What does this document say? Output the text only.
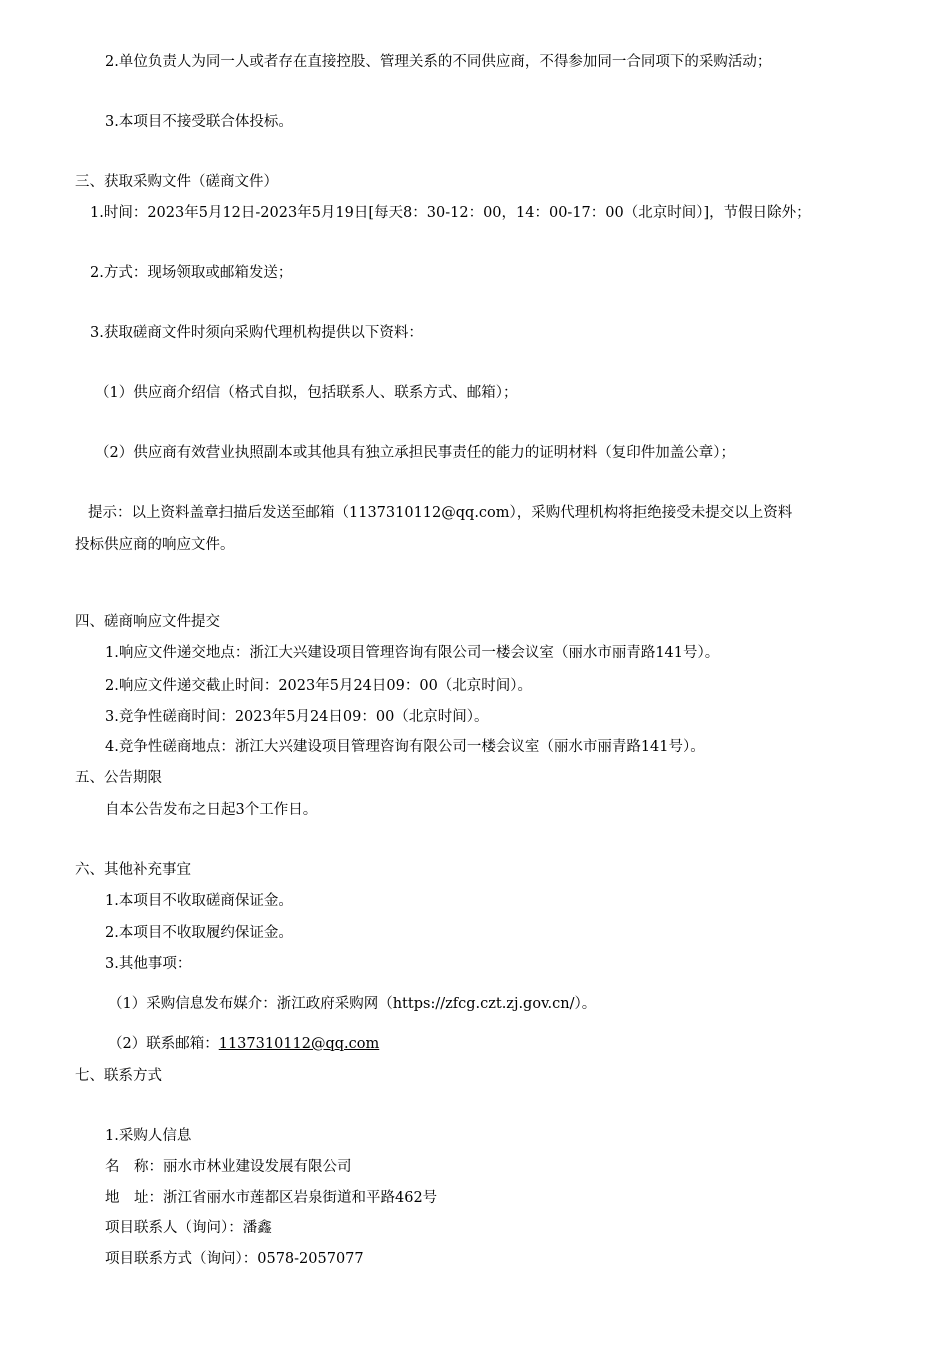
2.单位负责人为同一人或者存在直接控股、管理关系的不同供应商，不得参加同一合同项下的采购活动；
3.本项目不接受联合体投标。
三、获取采购文件（磋商文件）
1.时间：2023年5月12日-2023年5月19日[每天8：30-12：00，14：00-17：00（北京时间）]，节假日除外；
2.方式：现场领取或邮箱发送；
3.获取磋商文件时须向采购代理机构提供以下资料：
（1）供应商介绍信（格式自拟，包括联系人、联系方式、邮箱）；
（2）供应商有效营业执照副本或其他具有独立承担民事责任的能力的证明材料（复印件加盖公章）；
提示：以上资料盖章扫描后发送至邮箱（1137310112@qq.com），采购代理机构将拒绝接受未提交以上资料
投标供应商的响应文件。
四、磋商响应文件提交
1.响应文件递交地点：浙江大兴建设项目管理咨询有限公司一楼会议室（丽水市丽青路141号）。
2.响应文件递交截止时间：2023年5月24日09：00（北京时间）。
3.竞争性磋商时间：2023年5月24日09：00（北京时间）。
4.竞争性磋商地点：浙江大兴建设项目管理咨询有限公司一楼会议室（丽水市丽青路141号）。
五、公告期限
自本公告发布之日起3个工作日。
六、其他补充事宜
1.本项目不收取磋商保证金。
2.本项目不收取履约保证金。
3.其他事项：
（1）采购信息发布媒介：浙江政府采购网（https://zfcg.czt.zj.gov.cn/）。
（2）联系邮箱：1137310112@qq.com
七、联系方式
1.采购人信息
名　称：丽水市林业建设发展有限公司
地　址：浙江省丽水市莲都区岩泉街道和平路462号
项目联系人（询问）：潘鑫
项目联系方式（询问）：0578-2057077
